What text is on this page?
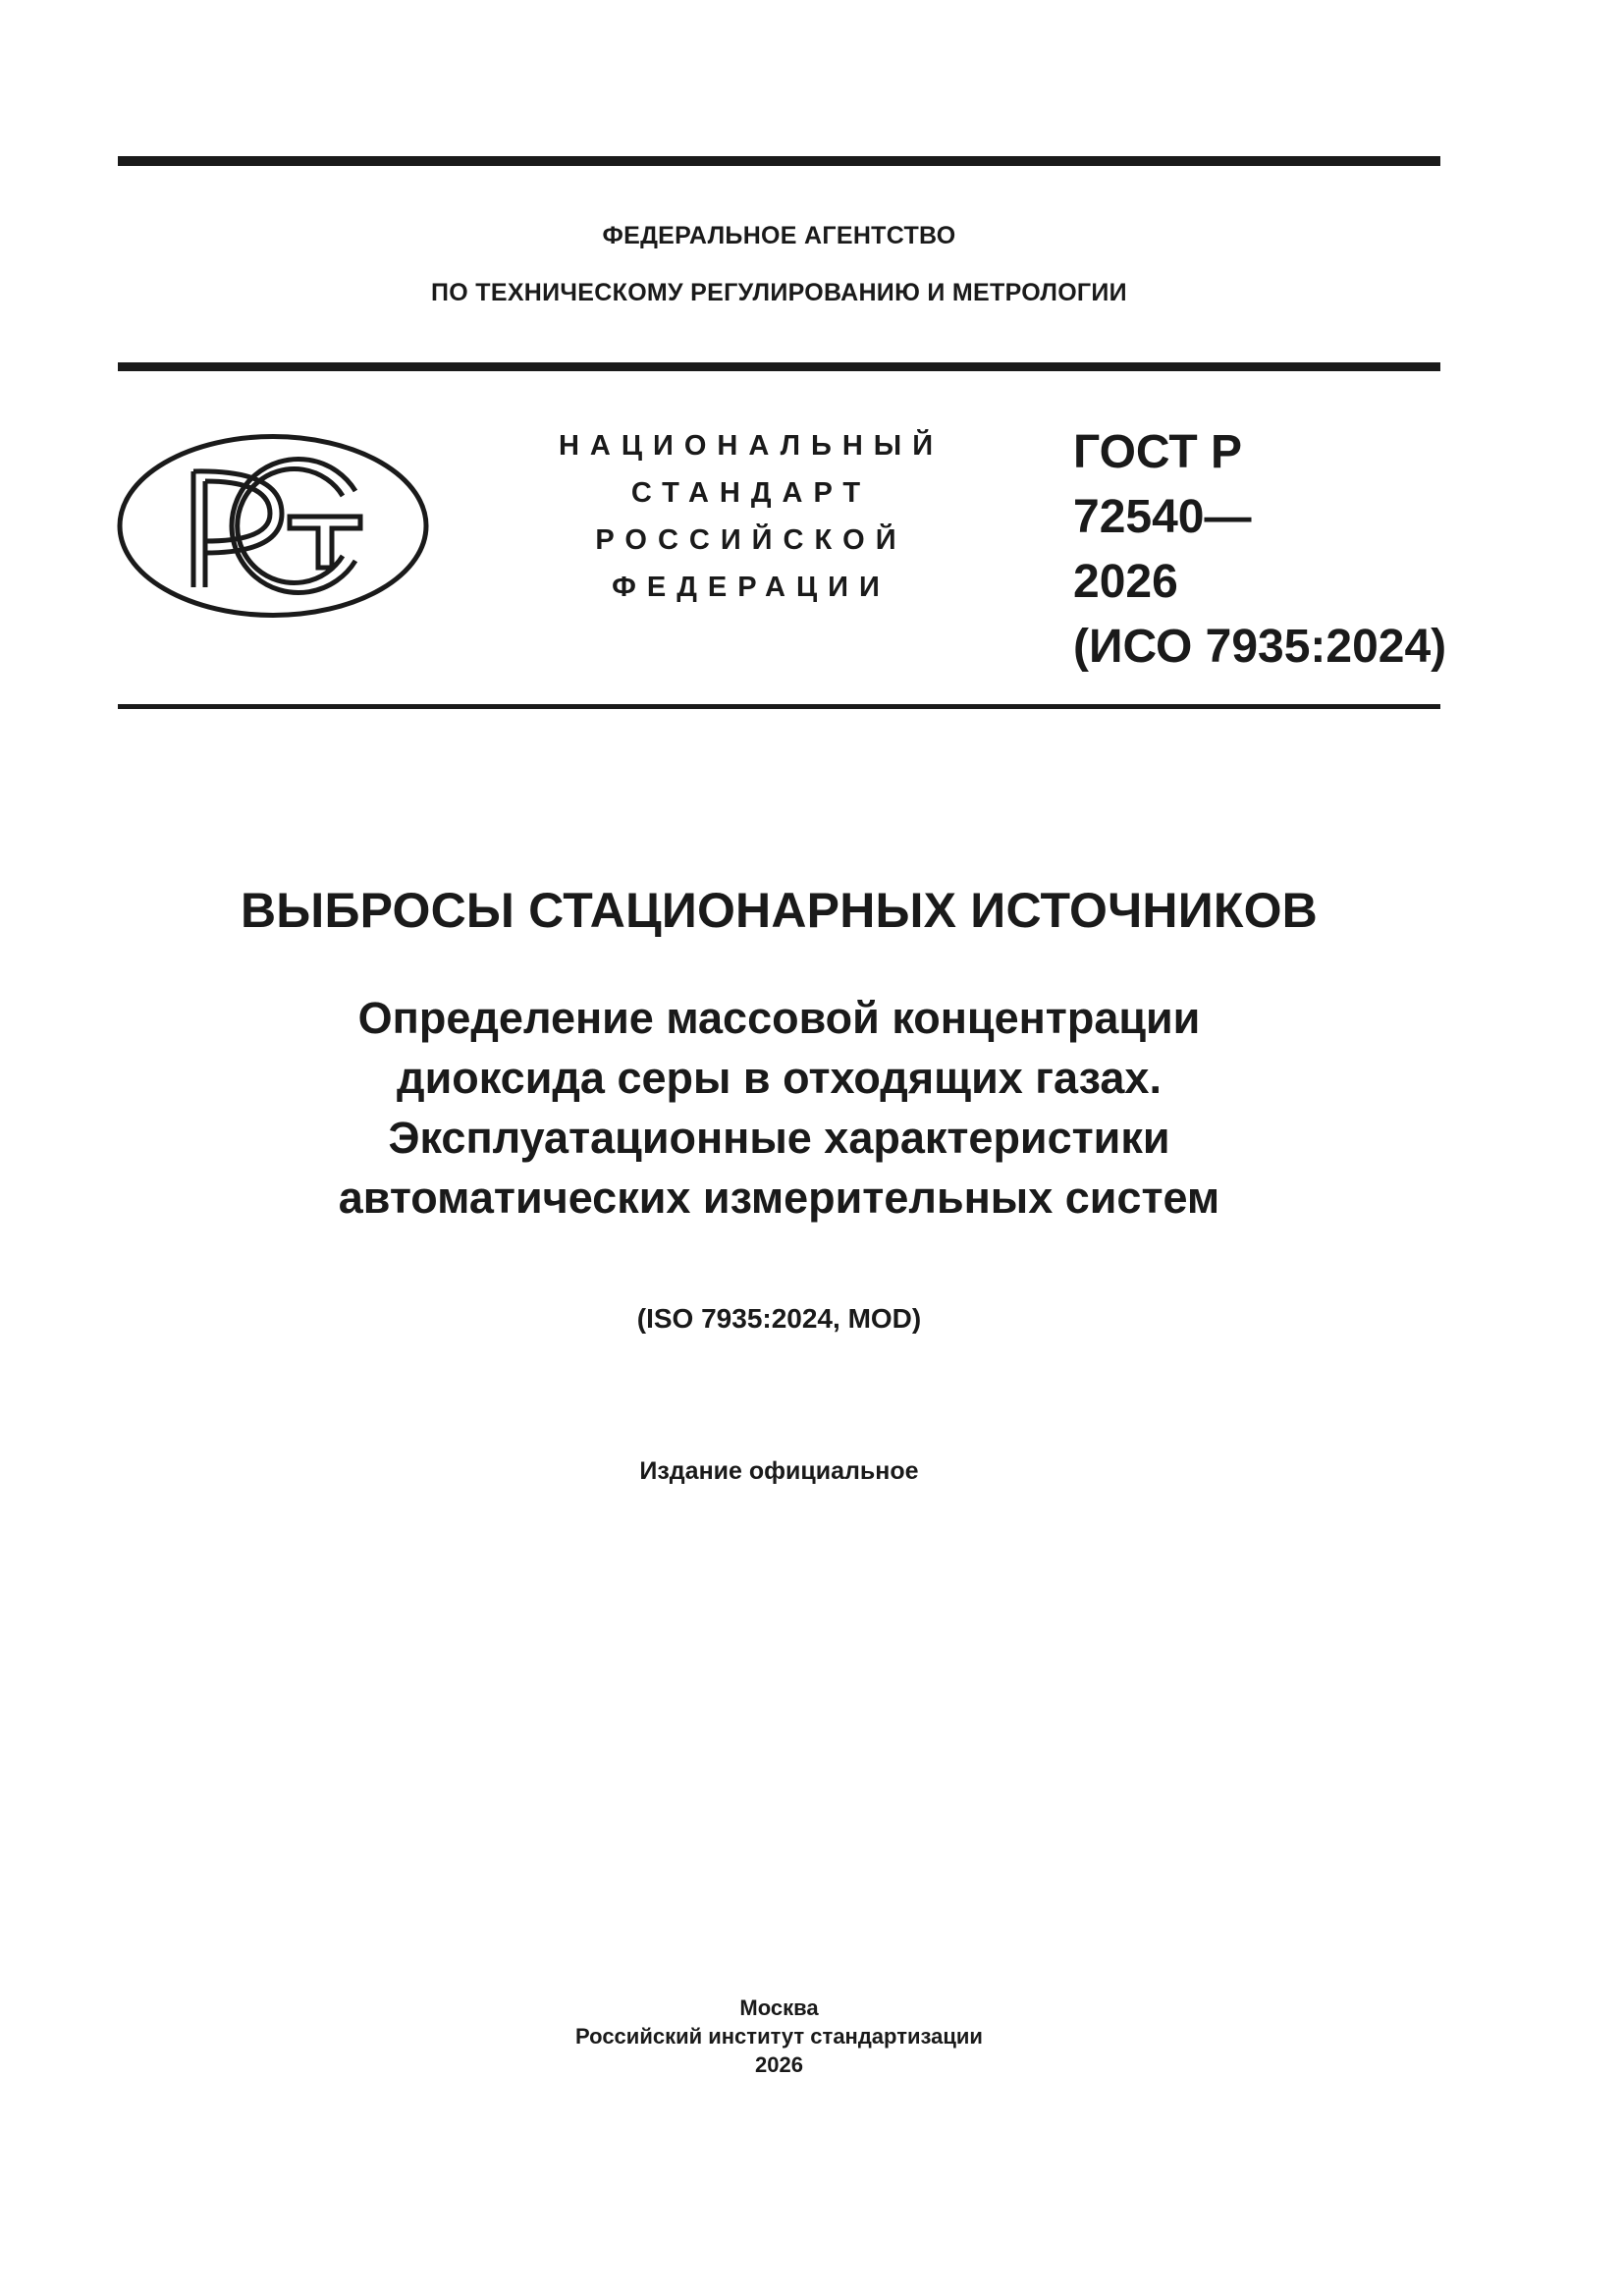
ФЕДЕРАЛЬНОЕ АГЕНТСТВО
ПО ТЕХНИЧЕСКОМУ РЕГУЛИРОВАНИЮ И МЕТРОЛОГИИ
НАЦИОНАЛЬНЫЙ
СТАНДАРТ
РОССИЙСКОЙ
ФЕДЕРАЦИИ
ГОСТ Р
72540—
2026
(ИСО 7935:2024)
ВЫБРОСЫ СТАЦИОНАРНЫХ ИСТОЧНИКОВ
Определение массовой концентрации
диоксида серы в отходящих газах.
Эксплуатационные характеристики
автоматических измерительных систем
(ISO 7935:2024, MOD)
Издание официальное
Москва
Российский институт стандартизации
2026
